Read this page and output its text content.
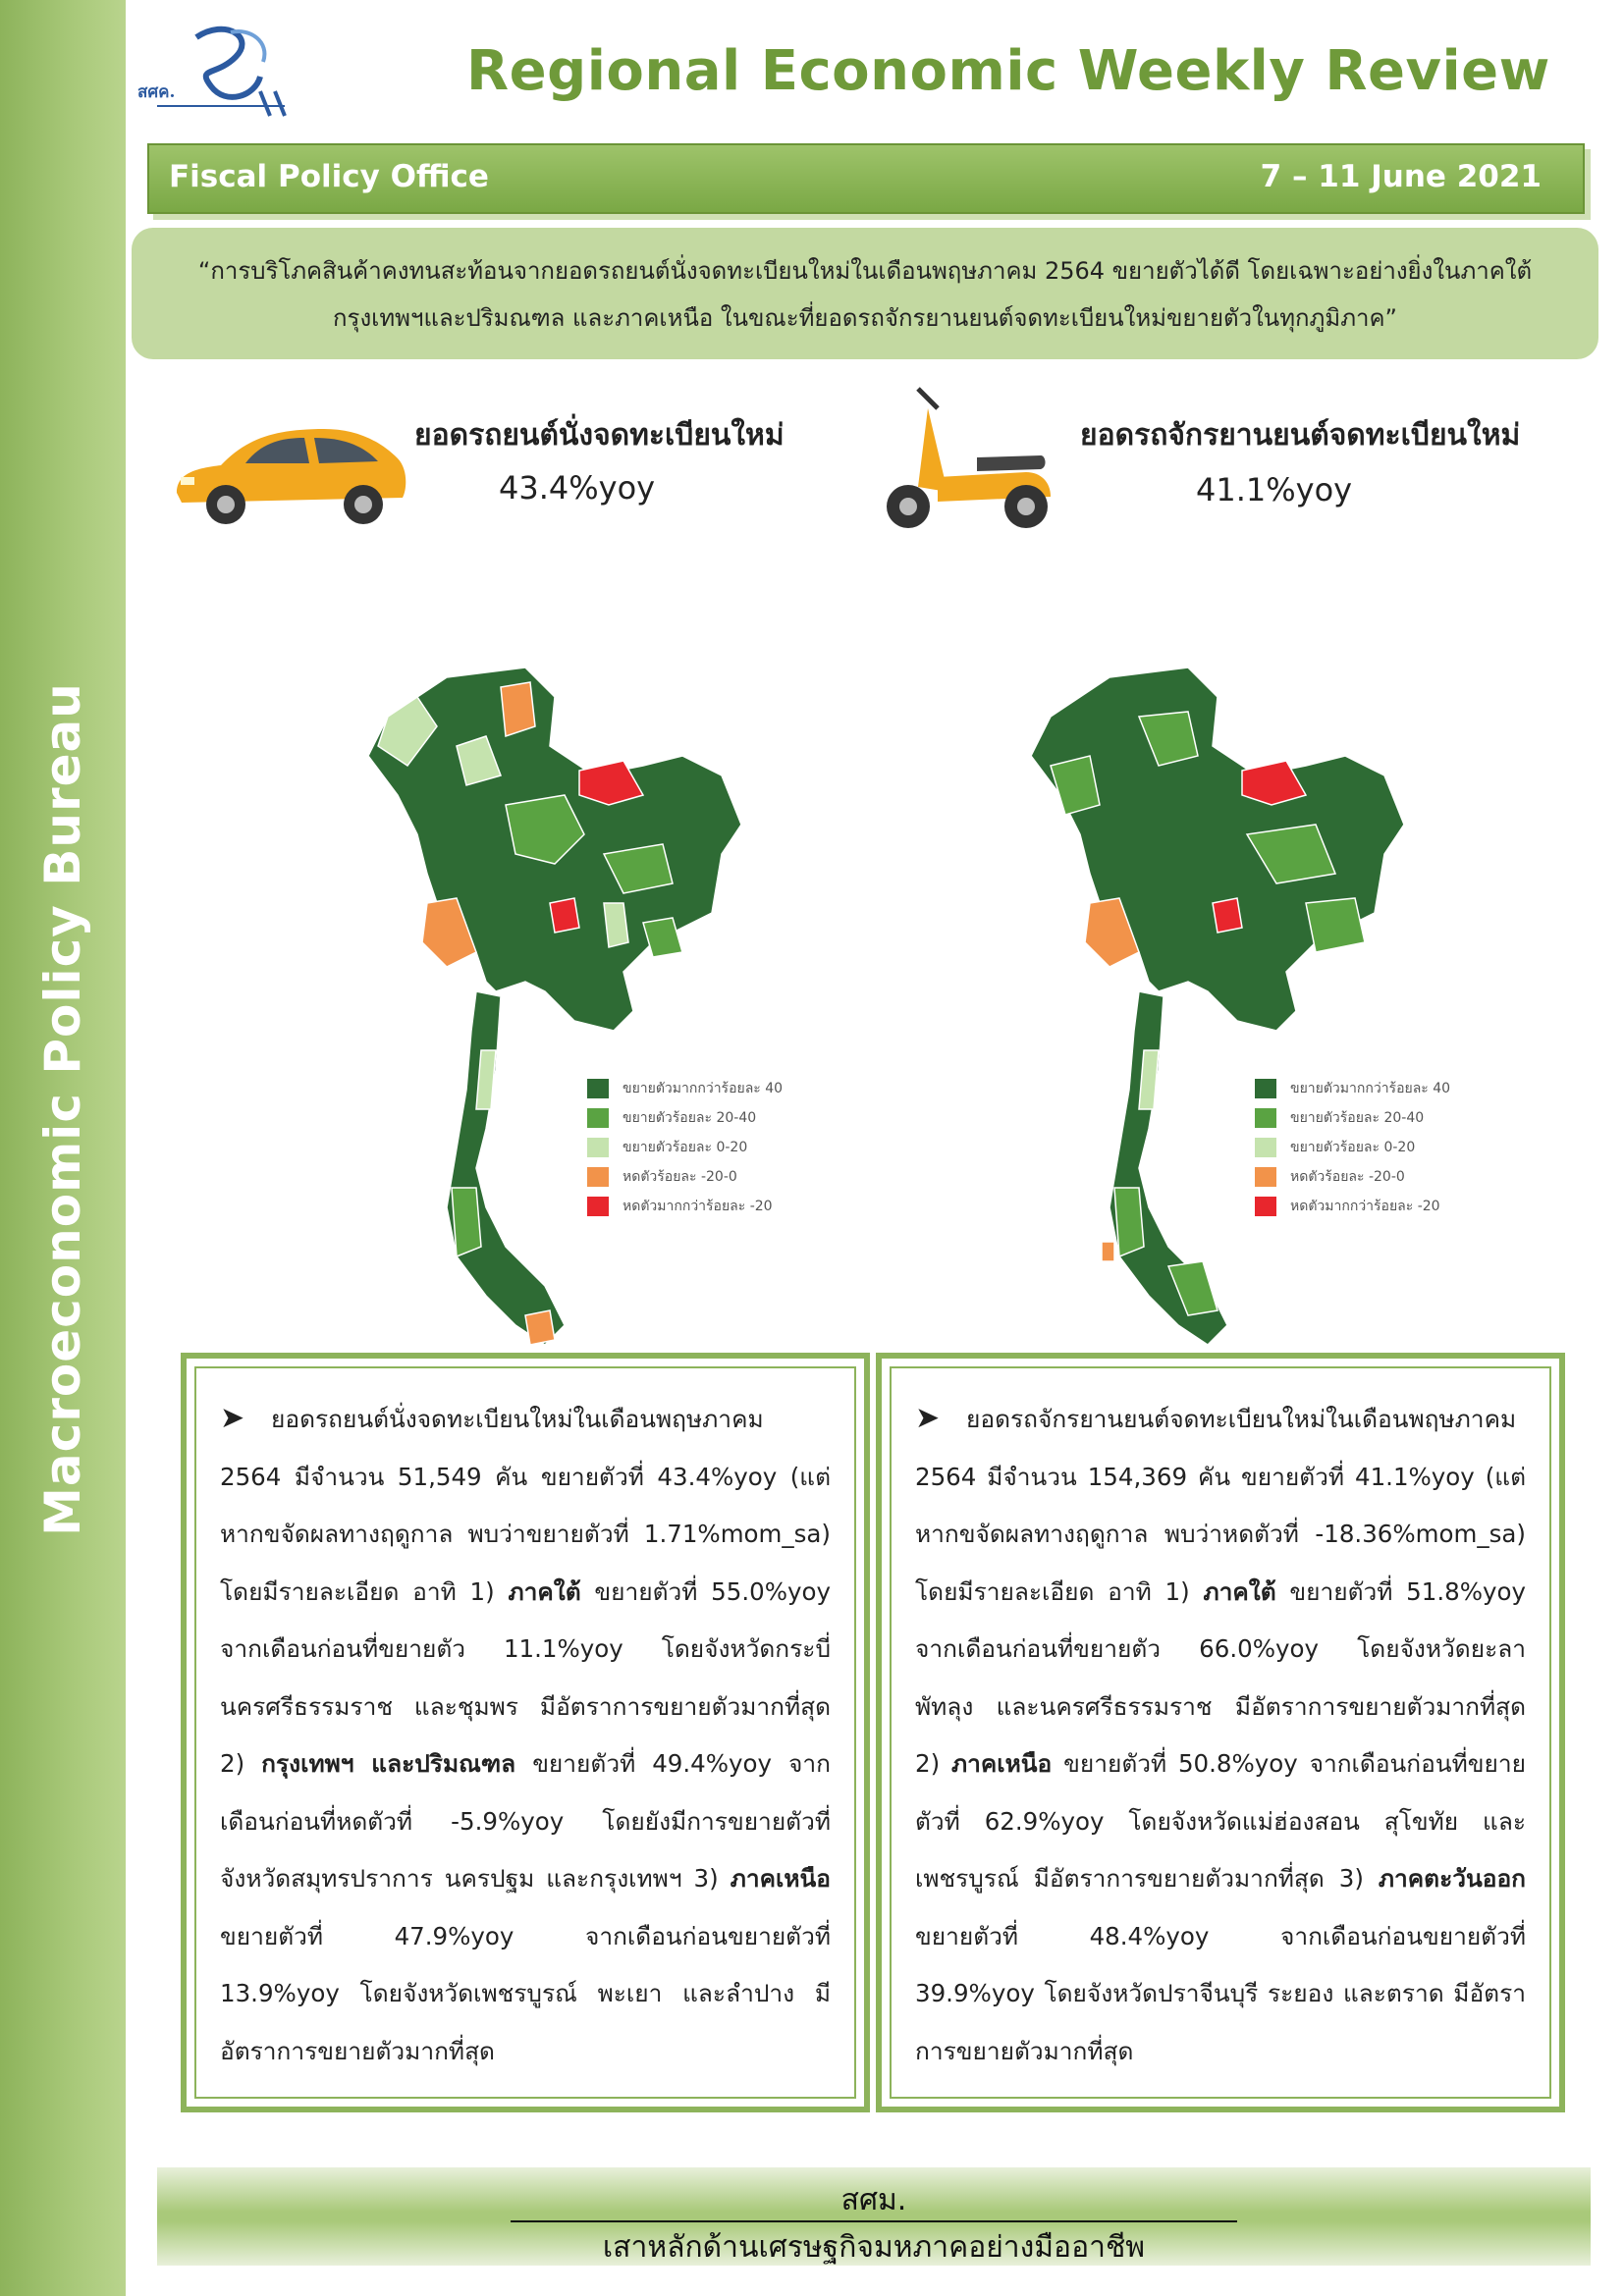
Macroeconomic Policy Bureau
สศค.	Regional Economic Weekly Review
Fiscal Policy Office	7 – 11 June 2021
“การบริโภคสินค้าคงทนสะท้อนจากยอดรถยนต์นั่งจดทะเบียนใหม่ในเดือนพฤษภาคม 2564 ขยายตัวได้ดี โดยเฉพาะอย่างยิ่งในภาคใต้ กรุงเทพฯและปริมณฑล และภาคเหนือ ในขณะที่ยอดรถจักรยานยนต์จดทะเบียนใหม่ขยายตัวในทุกภูมิภาค”
ยอดรถยนต์นั่งจดทะเบียนใหม่
43.4%yoy
ยอดรถจักรยานยนต์จดทะเบียนใหม่
41.1%yoy
ขยายตัวมากกว่าร้อยละ 40
ขยายตัวร้อยละ 20-40
ขยายตัวร้อยละ 0-20
หดตัวร้อยละ -20-0
หดตัวมากกว่าร้อยละ -20
ขยายตัวมากกว่าร้อยละ 40
ขยายตัวร้อยละ 20-40
ขยายตัวร้อยละ 0-20
หดตัวร้อยละ -20-0
หดตัวมากกว่าร้อยละ -20
➤ ยอดรถยนต์นั่งจดทะเบียนใหม่ในเดือนพฤษภาคม 2564 มีจำนวน 51,549 คัน ขยายตัวที่ 43.4%yoy (แต่หากขจัดผลทางฤดูกาล พบว่าขยายตัวที่ 1.71%mom_sa) โดยมีรายละเอียด อาทิ 1) ภาคใต้ ขยายตัวที่ 55.0%yoy จากเดือนก่อนที่ขยายตัว 11.1%yoy โดยจังหวัดกระบี่ นครศรีธรรมราช และชุมพร มีอัตราการขยายตัวมากที่สุด 2) กรุงเทพฯ และปริมณฑล ขยายตัวที่ 49.4%yoy จากเดือนก่อนที่หดตัวที่ -5.9%yoy โดยยังมีการขยายตัวที่จังหวัดสมุทรปราการ นครปฐม และกรุงเทพฯ 3) ภาคเหนือ ขยายตัวที่ 47.9%yoy จากเดือนก่อนขยายตัวที่ 13.9%yoy โดยจังหวัดเพชรบูรณ์ พะเยา และลำปาง มีอัตราการขยายตัวมากที่สุด
➤ ยอดรถจักรยานยนต์จดทะเบียนใหม่ในเดือนพฤษภาคม 2564 มีจำนวน 154,369 คัน ขยายตัวที่ 41.1%yoy (แต่หากขจัดผลทางฤดูกาล พบว่าหดตัวที่ -18.36%mom_sa) โดยมีรายละเอียด อาทิ 1) ภาคใต้ ขยายตัวที่ 51.8%yoy จากเดือนก่อนที่ขยายตัว 66.0%yoy โดยจังหวัดยะลา พัทลุง และนครศรีธรรมราช มีอัตราการขยายตัวมากที่สุด 2) ภาคเหนือ ขยายตัวที่ 50.8%yoy จากเดือนก่อนที่ขยายตัวที่ 62.9%yoy โดยจังหวัดแม่ฮ่องสอน สุโขทัย และเพชรบูรณ์ มีอัตราการขยายตัวมากที่สุด 3) ภาคตะวันออก ขยายตัวที่ 48.4%yoy จากเดือนก่อนขยายตัวที่ 39.9%yoy โดยจังหวัดปราจีนบุรี ระยอง และตราด มีอัตราการขยายตัวมากที่สุด
สศม.
เสาหลักด้านเศรษฐกิจมหภาคอย่างมืออาชีพ
